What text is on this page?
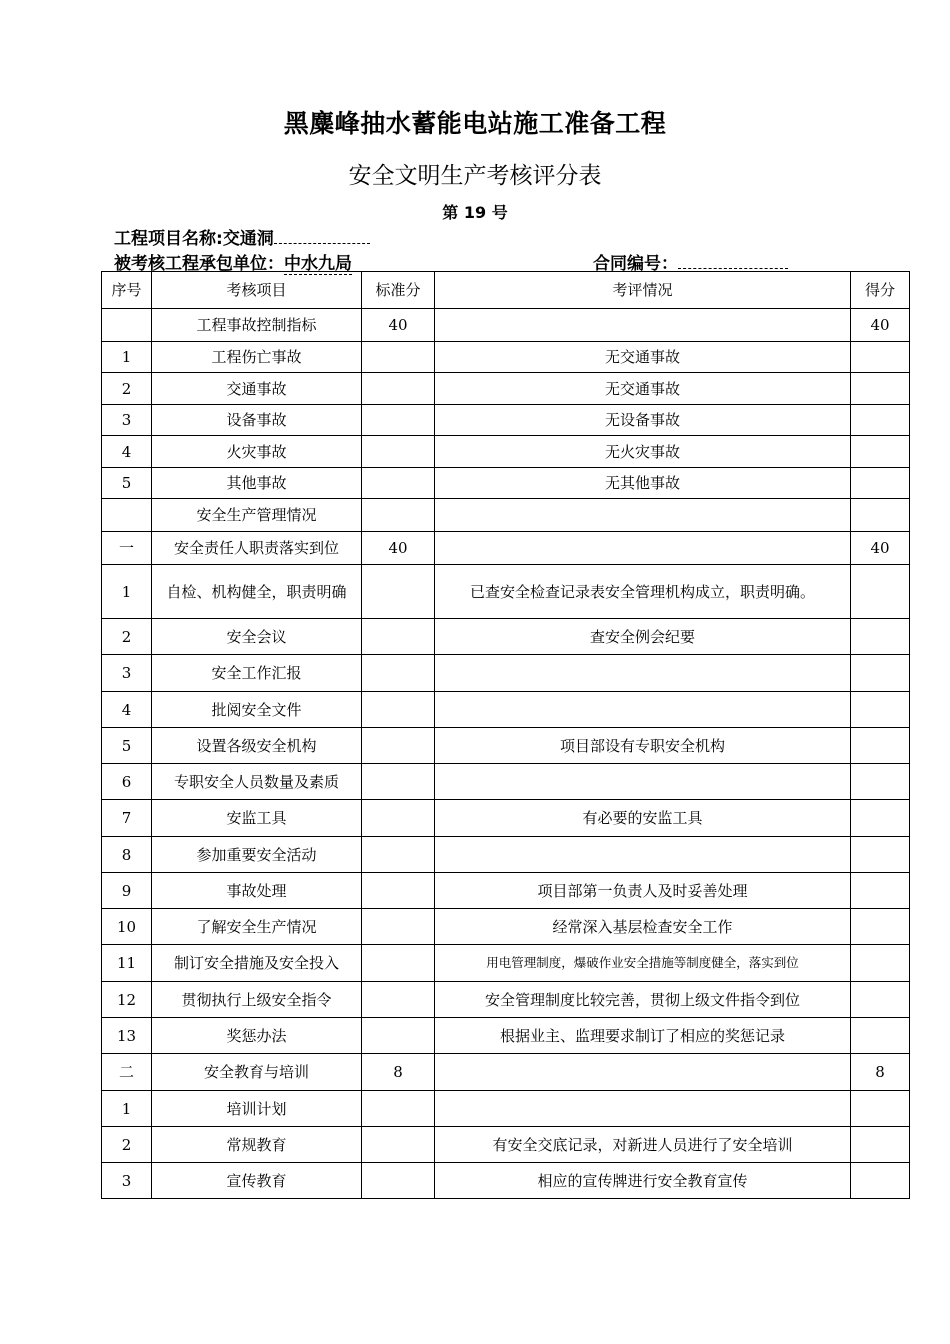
黑麋峰抽水蓄能电站施工准备工程
安全文明生产考核评分表
第 19 号
工程项目名称:交通洞
被考核工程承包单位：中水九局	合同编号：
序号	考核项目	标准分	考评情况	得分
	工程事故控制指标	40		40
1	工程伤亡事故		无交通事故	
2	交通事故		无交通事故	
3	设备事故		无设备事故	
4	火灾事故		无火灾事故	
5	其他事故		无其他事故	
	安全生产管理情况			
一	安全责任人职责落实到位	40		40
1	自检、机构健全，职责明确		已查安全检查记录表安全管理机构成立，职责明确。	
2	安全会议		查安全例会纪要	
3	安全工作汇报			
4	批阅安全文件			
5	设置各级安全机构		项目部设有专职安全机构	
6	专职安全人员数量及素质			
7	安监工具		有必要的安监工具	
8	参加重要安全活动			
9	事故处理		项目部第一负责人及时妥善处理	
10	了解安全生产情况		经常深入基层检查安全工作	
11	制订安全措施及安全投入		用电管理制度，爆破作业安全措施等制度健全，落实到位	
12	贯彻执行上级安全指令		安全管理制度比较完善，贯彻上级文件指令到位	
13	奖惩办法		根据业主、监理要求制订了相应的奖惩记录	
二	安全教育与培训	8		8
1	培训计划			
2	常规教育		有安全交底记录，对新进人员进行了安全培训	
3	宣传教育		相应的宣传牌进行安全教育宣传	
